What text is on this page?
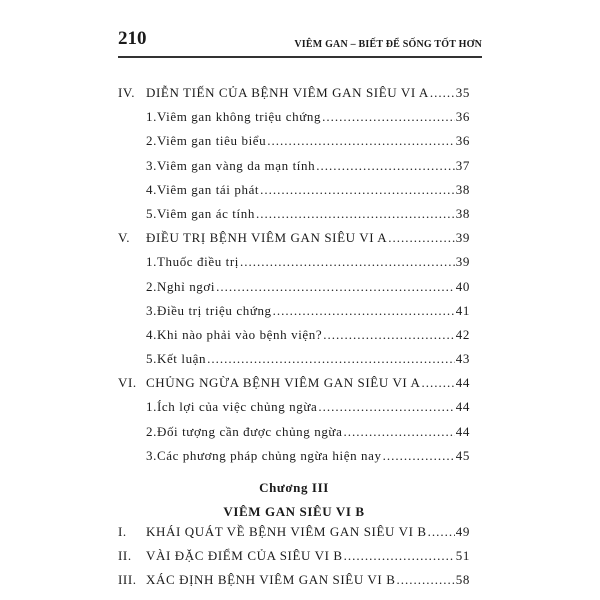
210	VIÊM GAN – BIẾT ĐỂ SỐNG TỐT HƠN
IV. DIỄN TIẾN CỦA BỆNH VIÊM GAN SIÊU VI A ..... 35
1.Viêm gan không triệu chứng .....	36
2.Viêm gan tiêu biểu .....	36
3.Viêm gan vàng da mạn tính .....	37
4.Viêm gan tái phát .....	38
5.Viêm gan ác tính .....	38
V.	ĐIỀU TRỊ BỆNH VIÊM GAN SIÊU VI A .....	39
1.Thuốc điều trị .....	39
2.Nghỉ ngơi .....	40
3.Điều trị triệu chứng .....	41
4.Khi nào phải vào bệnh viện? .....	42
5.Kết luận .....	43
VI. CHỦNG NGỪA BỆNH VIÊM GAN SIÊU VI A .....	44
1.Ích lợi của việc chủng ngừa .....	44
2.Đối tượng cần được chủng ngừa .....	44
3.Các phương pháp chủng ngừa hiện nay .....	45
Chương III
VIÊM GAN SIÊU VI B
I.	KHÁI QUÁT VỀ BỆNH VIÊM GAN SIÊU VI B ..... 49
II.	VÀI ĐẶC ĐIỂM CỦA SIÊU VI B .....	51
III. XÁC ĐỊNH BỆNH VIÊM GAN SIÊU VI B .....	58
